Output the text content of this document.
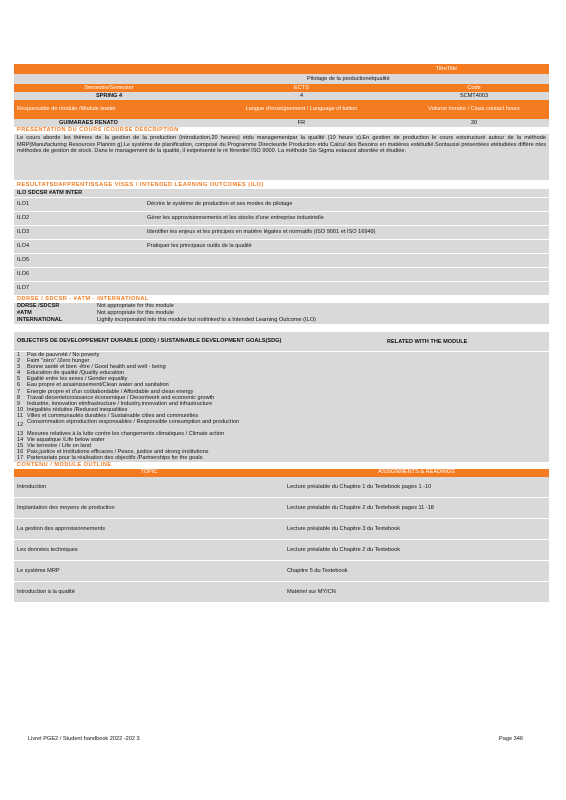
TitreTitle
Pilotage de la productionetqualité
Semestre/Semester	ECTS	Code
SPRING 4	4	SCMT4003
Responsable de module /Module leader	Langue d'enseignement / Language of tuition	Volume horaire / Class contact hours
GUIMARAES RENATO	FR	30
PRESENTATION DU COURS /COURSE DESCRIPTION
Le cours aborde les thèmes de la gestion de la production (introduction,20 heures) etdu managementpar la qualité (10 heure s).En gestion de production le cours eststructuré autour de la méthode MRP(Manufacturing Resources Plannin g).Le système de planification, composé du Programme Directeurde Production etdu Calcul des Besoins en matières estétudié.Sontaussi présentées etétudiées différe ntes méthodes de gestion de stock. Dans le management de la qualité, il estprésenté le ré férentiel ISO 9000. La méthode Six Sigma estaussi abordée et étudiée.
RESULTATSDAPPRENTISSAGE VISES / INTENDED LEARNING OUTCOMES (ILO)
ILO SDCSR #ATM INTER
ILO1	Décrire le système de production et ses modes de pilotage
ILO2	Gérer les approvisionnements et les stocks d'une entreprise industrielle
ILO3	Identifier les enjeux et les principes en matière légales et normatifs (ISO 9001 et ISO 16949)
ILO4	Pratiquer les principaux outils de la qualité
ILO5
ILO6
ILO7
DDRSE / SDCSR - #ATM - INTERNATIONAL
DDRSE /SDCSR	Not appropriate for this module
#ATM	Not appropriate for this module
INTERNATIONAL	Lightly incorporated into this module but notlinked to a Intended Learning Outcome (ILO)
OBJECTIFS DE DEVELOPPEMENT DURABLE (ODD) / SUSTAINABLE DEVELOPMENT GOALS(SDG)	RELATED WITH THE MODULE
1	Pas de pauvreté / No poverty
2	Faim "zéro" /Zero hunger
3	Bonne santé et bien -être / Good health and well - being
4	Éducation de qualité /Quality education
5	Égalité entre les sexes / Gender equality
6	Eau propre et assainissement/Clean water and sanitation
7	Énergie propre et d'un coûtabordable / Affordable and clean energy
8	Travail décentetcroissance économique / Decentwork and economic growth
9	Industrie, innovation etinfrastructure / Industry,innovation and infrastructure
10 Inégalités réduites /Reduced inequalities
11 Villes et communautés durables / Sustainable cities and communities
12 Consommation etproduction responsables / Responsible consumption and production
13 Mesures relatives à la lutte contre les changements climatiques / Climate action
14 Vie aquatique /Life below water
15 Vie terrestre / Life on land
16 Paix,justice et institutions efficaces / Peace, justice and strong institutions
17 Partenariats pour la réalisation des objectifs /Partnerships for the goals
CONTENU / MODULE OUTLINE
TOPIC	ASSIGNMENTS & READINGS
Introduction	Lecture préalable du Chapitre 1 du Textebook pages 1 -10
Implantation des moyens de production	Lecture préalable du Chapitre 2 du Textebook pages 11 -18
La gestion des approvisionnements	Lecture préalable du Chapitre 3 du Textebook
Les données techniques	Lecture préalable du Chapitre 2 du Textebook
Le système MRP	Chapitre 5 du Textebook
Introduction à la qualité	Matériel sur MYICN
Livret PGE2 / Student handbook 2022 -202 3	Page 346
